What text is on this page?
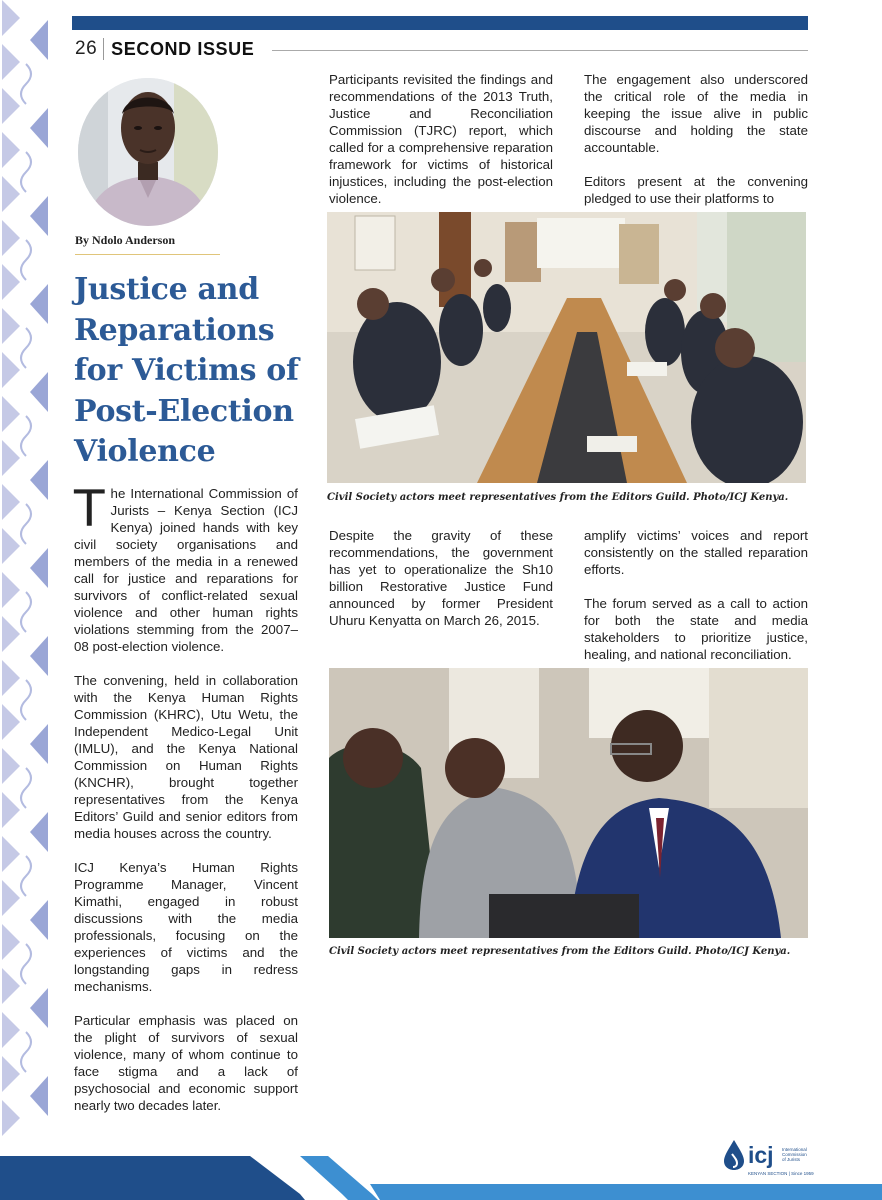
26 SECOND ISSUE
By Ndolo Anderson
Justice and Reparations for Victims of Post-Election Violence

The International Commission of Jurists – Kenya Section (ICJ Kenya) joined hands with key civil society organisations and members of the media in a renewed call for justice and reparations for survivors of conflict-related sexual violence and other human rights violations stemming from the 2007–08 post-election violence.

The convening, held in collaboration with the Kenya Human Rights Commission (KHRC), Utu Wetu, the Independent Medico-Legal Unit (IMLU), and the Kenya National Commission on Human Rights (KNCHR), brought together representatives from the Kenya Editors’ Guild and senior editors from media houses across the country.

ICJ Kenya’s Human Rights Programme Manager, Vincent Kimathi, engaged in robust discussions with the media professionals, focusing on the experiences of victims and the longstanding gaps in redress mechanisms.

Particular emphasis was placed on the plight of survivors of sexual violence, many of whom continue to face stigma and a lack of psychosocial and economic support nearly two decades later.

Participants revisited the findings and recommendations of the 2013 Truth, Justice and Reconciliation Commission (TJRC) report, which called for a comprehensive reparation framework for victims of historical injustices, including the post-election violence.

The engagement also underscored the critical role of the media in keeping the issue alive in public discourse and holding the state accountable.

Editors present at the convening pledged to use their platforms to

Civil Society actors meet representatives from the Editors Guild. Photo/ICJ Kenya.

Despite the gravity of these recommendations, the government has yet to operationalize the Sh10 billion Restorative Justice Fund announced by former President Uhuru Kenyatta on March 26, 2015.

amplify victims’ voices and report consistently on the stalled reparation efforts.

The forum served as a call to action for both the state and media stakeholders to prioritize justice, healing, and national reconciliation.

Civil Society actors meet representatives from the Editors Guild. Photo/ICJ Kenya.
icj International
Commission
of Jurists
KENYAN SECTION | Since 1959
